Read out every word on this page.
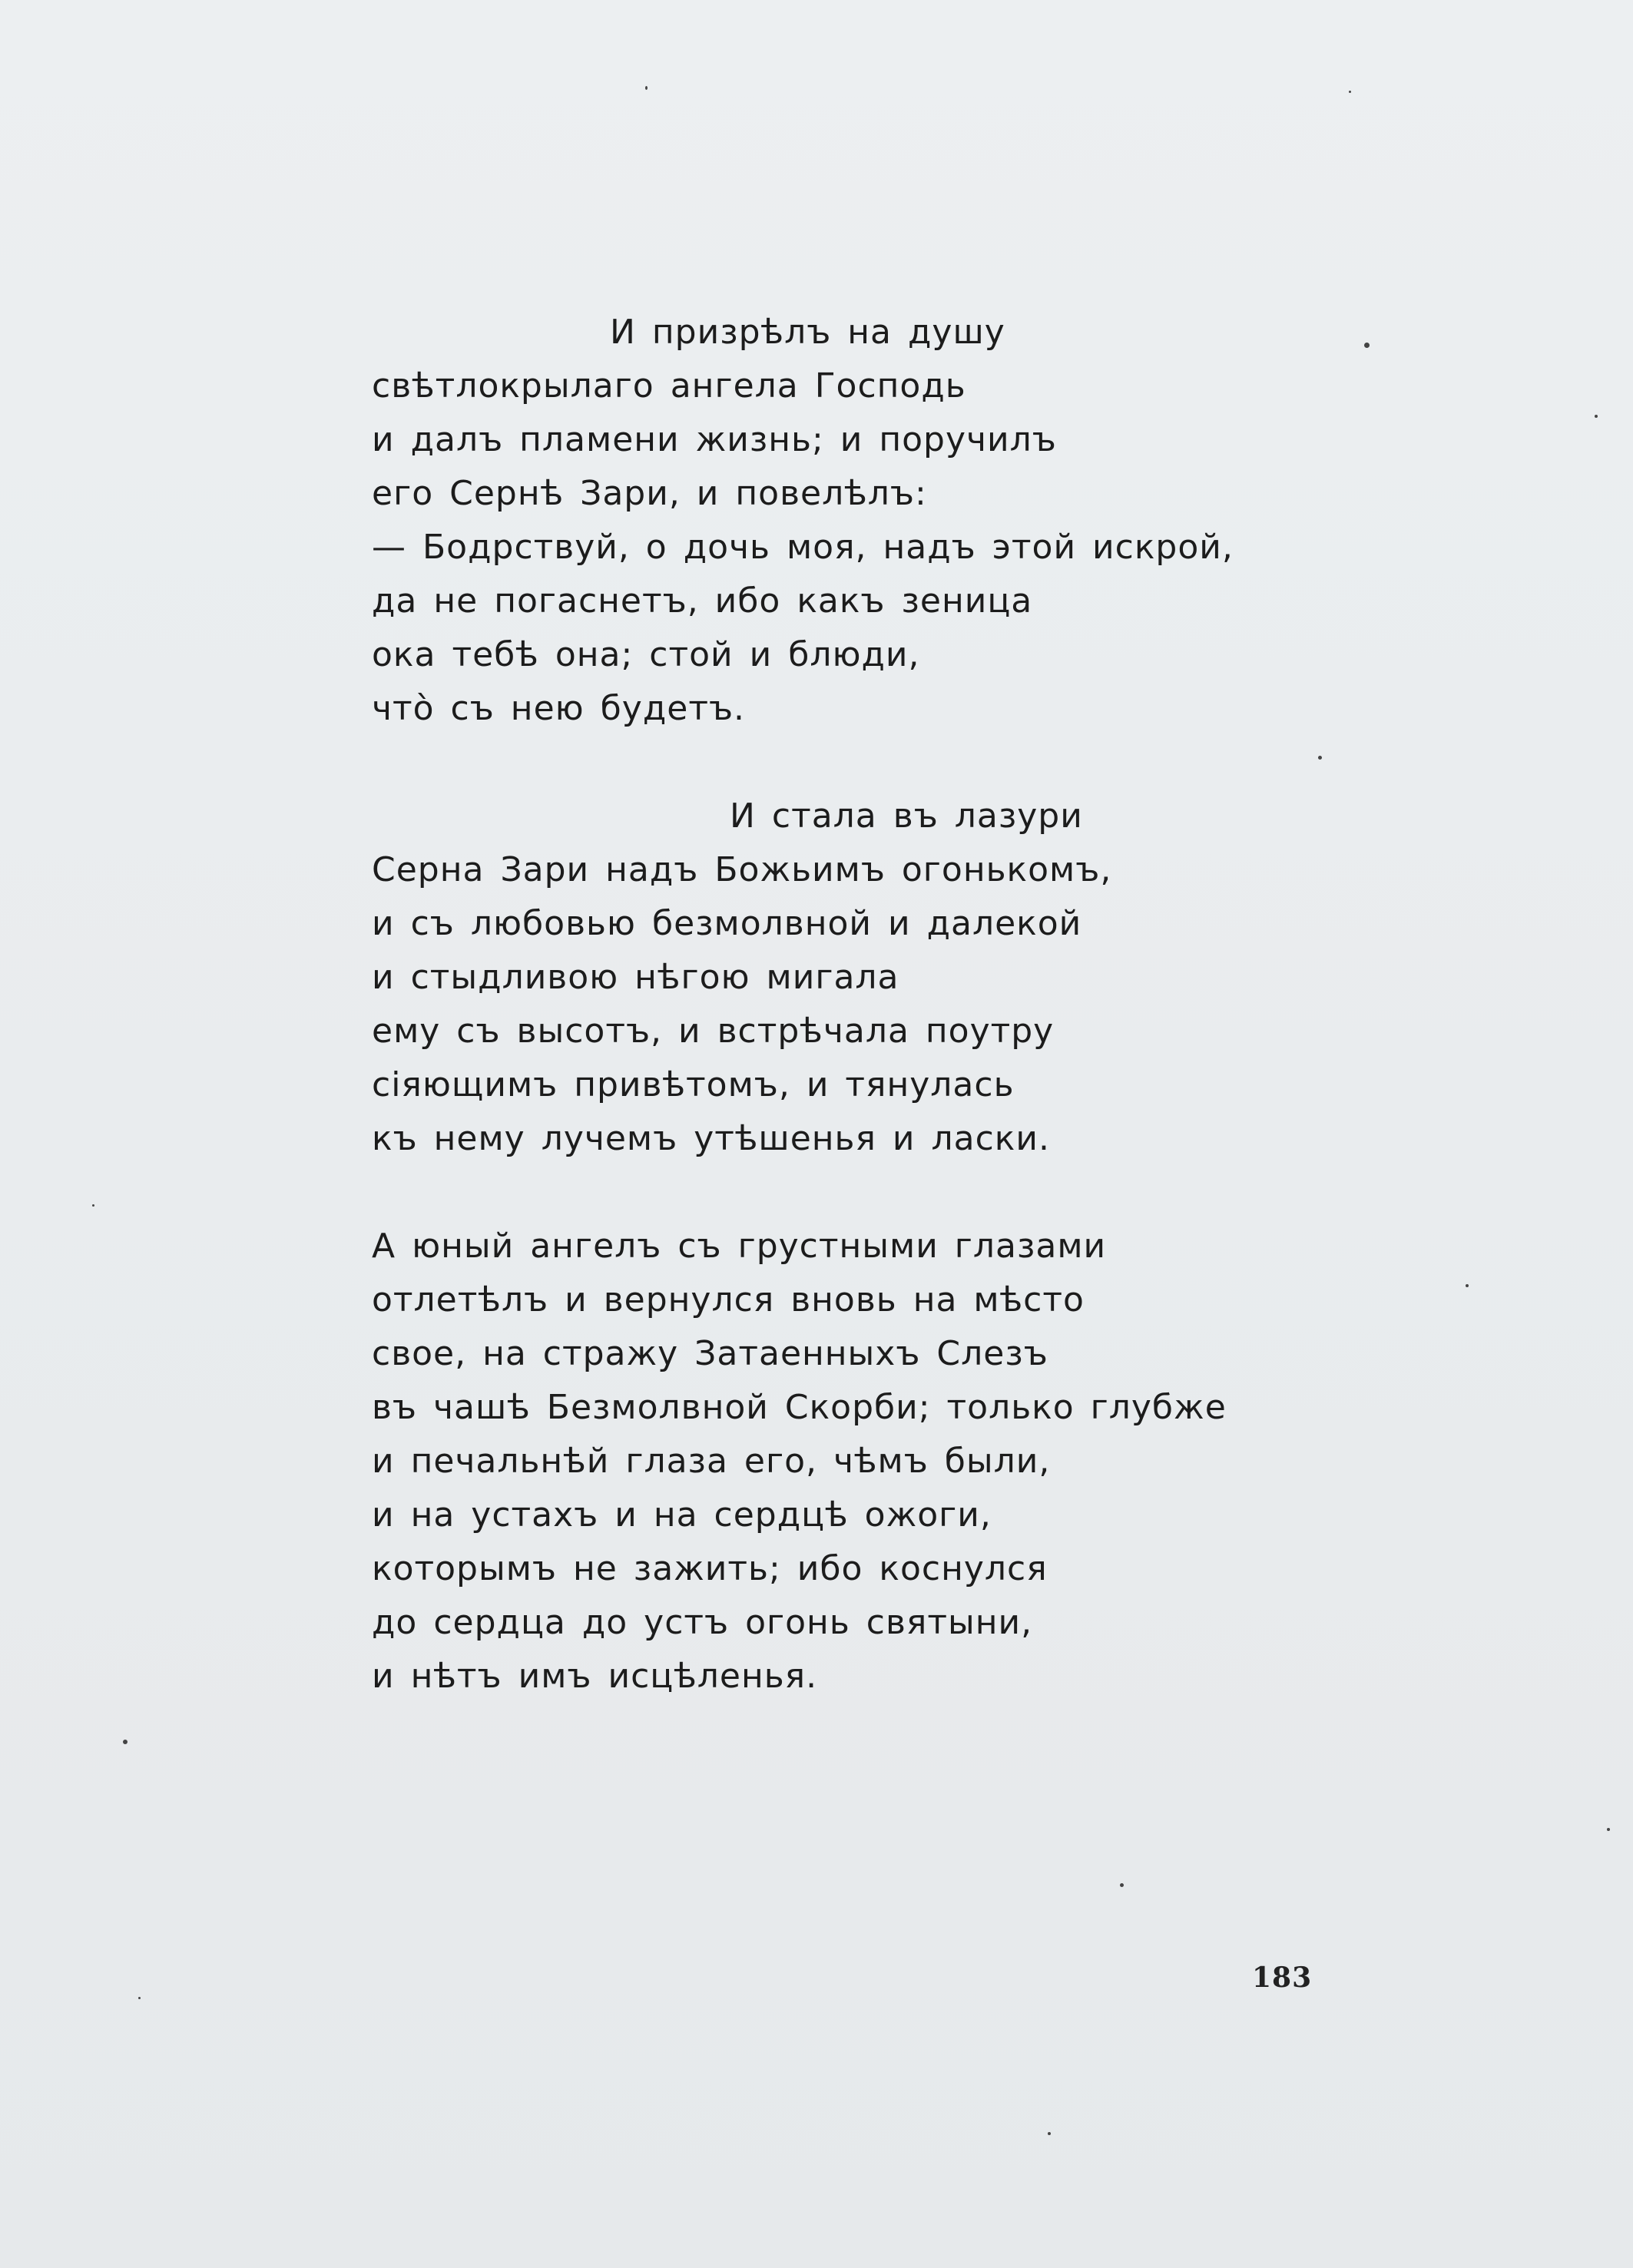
И призрѣлъ на душу
свѣтлокрылаго ангела Господь
и далъ пламени жизнь; и поручилъ
его Сернѣ Зари, и повелѣлъ:
— Бодрствуй, о дочь моя, надъ этой искрой,
да не погаснетъ, ибо какъ зеница
ока тебѣ она; стой и блюди,
что̀ съ нею будетъ.
И стала въ лазури
Серна Зари надъ Божьимъ огонькомъ,
и съ любовью безмолвной и далекой
и стыдливою нѣгою мигала
ему съ высотъ, и встрѣчала поутру
сіяющимъ привѣтомъ, и тянулась
къ нему лучемъ утѣшенья и ласки.
А юный ангелъ съ грустными глазами
отлетѣлъ и вернулся вновь на мѣсто
свое, на стражу Затаенныхъ Слезъ
въ чашѣ Безмолвной Скорби; только глубже
и печальнѣй глаза его, чѣмъ были,
и на устахъ и на сердцѣ ожоги,
которымъ не зажить; ибо коснулся
до сердца до устъ огонь святыни,
и нѣтъ имъ исцѣленья.
183
